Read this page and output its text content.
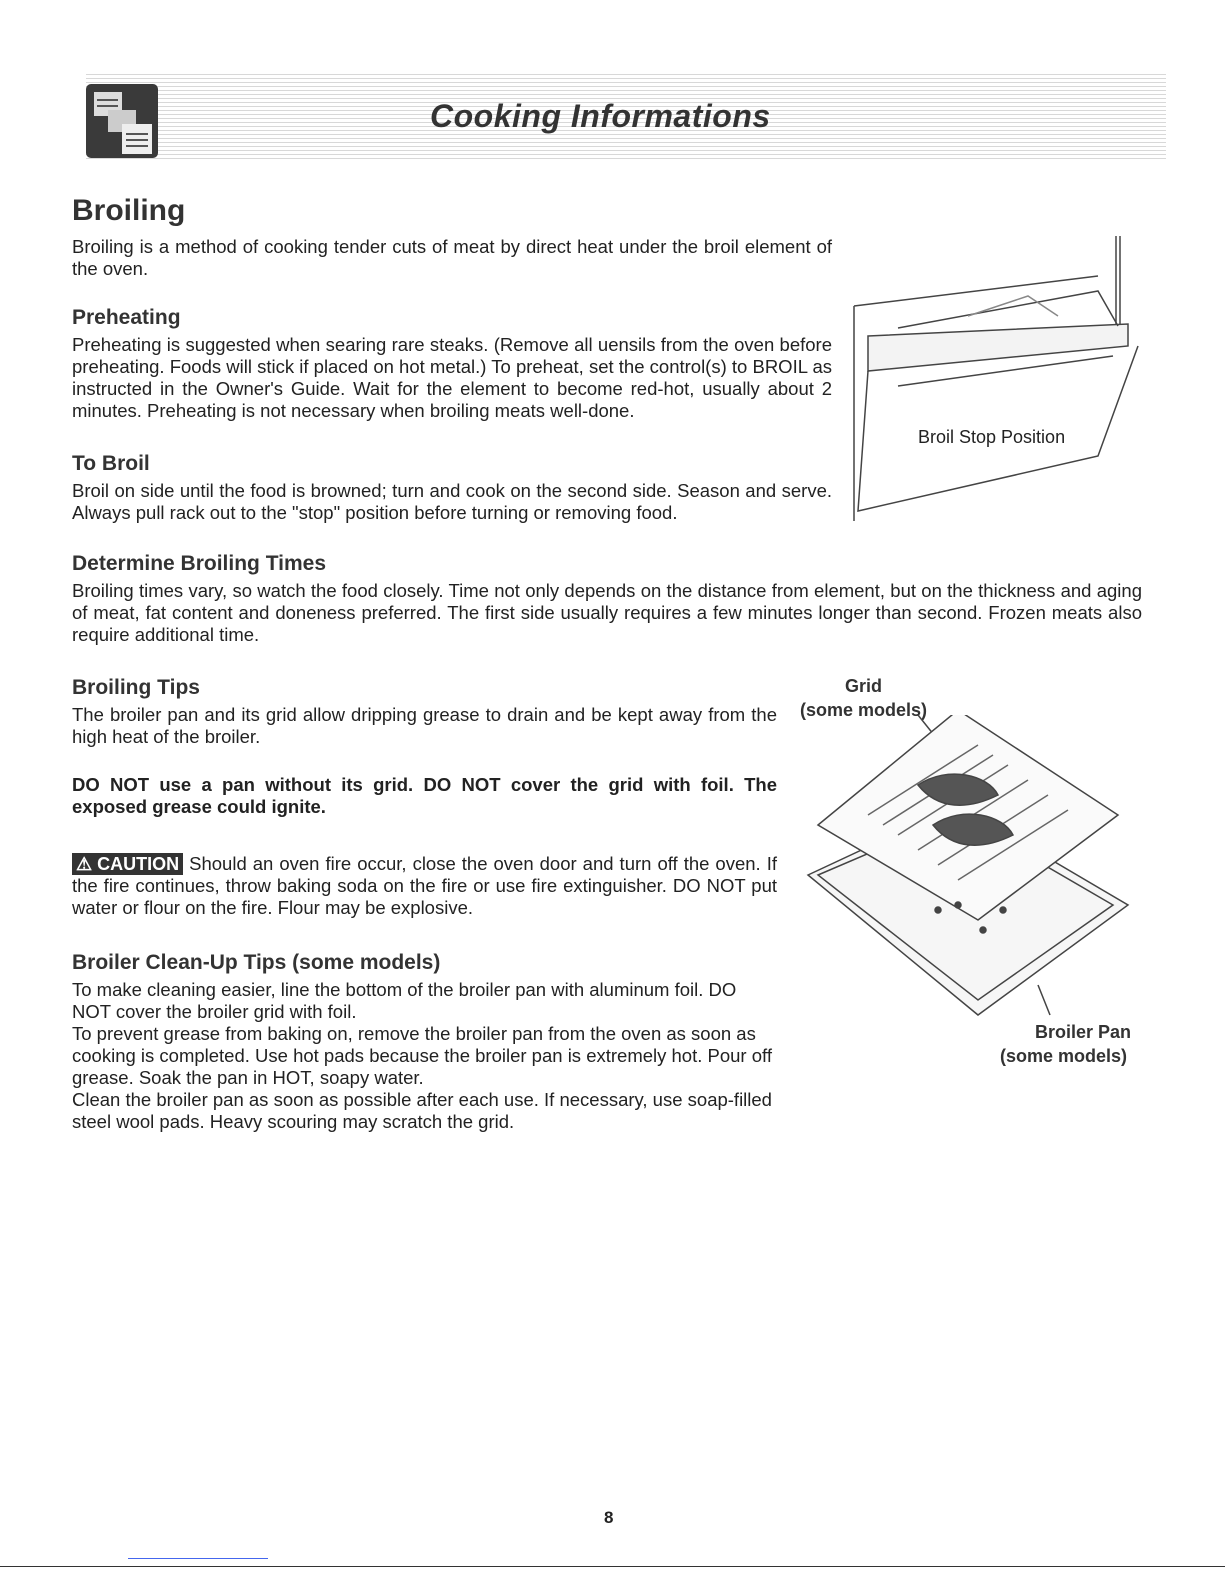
Cooking Informations
Broiling

Broiling is a method of cooking tender cuts of meat by direct heat under the broil element of the oven.

Preheating

Preheating is suggested when searing rare steaks. (Remove all uensils from the oven before preheating. Foods will stick if placed on hot metal.) To preheat, set the control(s) to BROIL as instructed in the Owner's Guide. Wait for the element to become red-hot, usually about 2 minutes. Preheating is not necessary when broiling meats well-done.

To Broil

Broil on side until the food is browned; turn and cook on the second side. Season and serve. Always pull rack out to the "stop" position before turning or removing food.

Broil Stop Position
Determine Broiling Times

Broiling times vary, so watch the food closely. Time not only depends on the distance from element, but on the thickness and aging of meat, fat content and doneness preferred. The first side usually requires a few minutes longer than second. Frozen meats also require additional time.

Broiling Tips

The broiler pan and its grid allow dripping grease to drain and be kept away from the high heat of the broiler.

DO NOT use a pan without its grid. DO NOT cover the grid with foil. The exposed grease could ignite.

⚠ CAUTION Should an oven fire occur, close the oven door and turn off the oven. If the fire continues, throw baking soda on the fire or use fire extinguisher. DO NOT put water or flour on the fire. Flour may be explosive.

Broiler Clean-Up Tips (some models)

To make cleaning easier, line the bottom of the broiler pan with aluminum foil. DO NOT cover the broiler grid with foil.

To prevent grease from baking on, remove the broiler pan from the oven as soon as cooking is completed. Use hot pads because the broiler pan is extremely hot. Pour off grease. Soak the pan in HOT, soapy water.

Clean the broiler pan as soon as possible after each use. If necessary, use soap-filled steel wool pads. Heavy scouring may scratch the grid.

Grid
(some models)
Broiler Pan
(some models)
8
